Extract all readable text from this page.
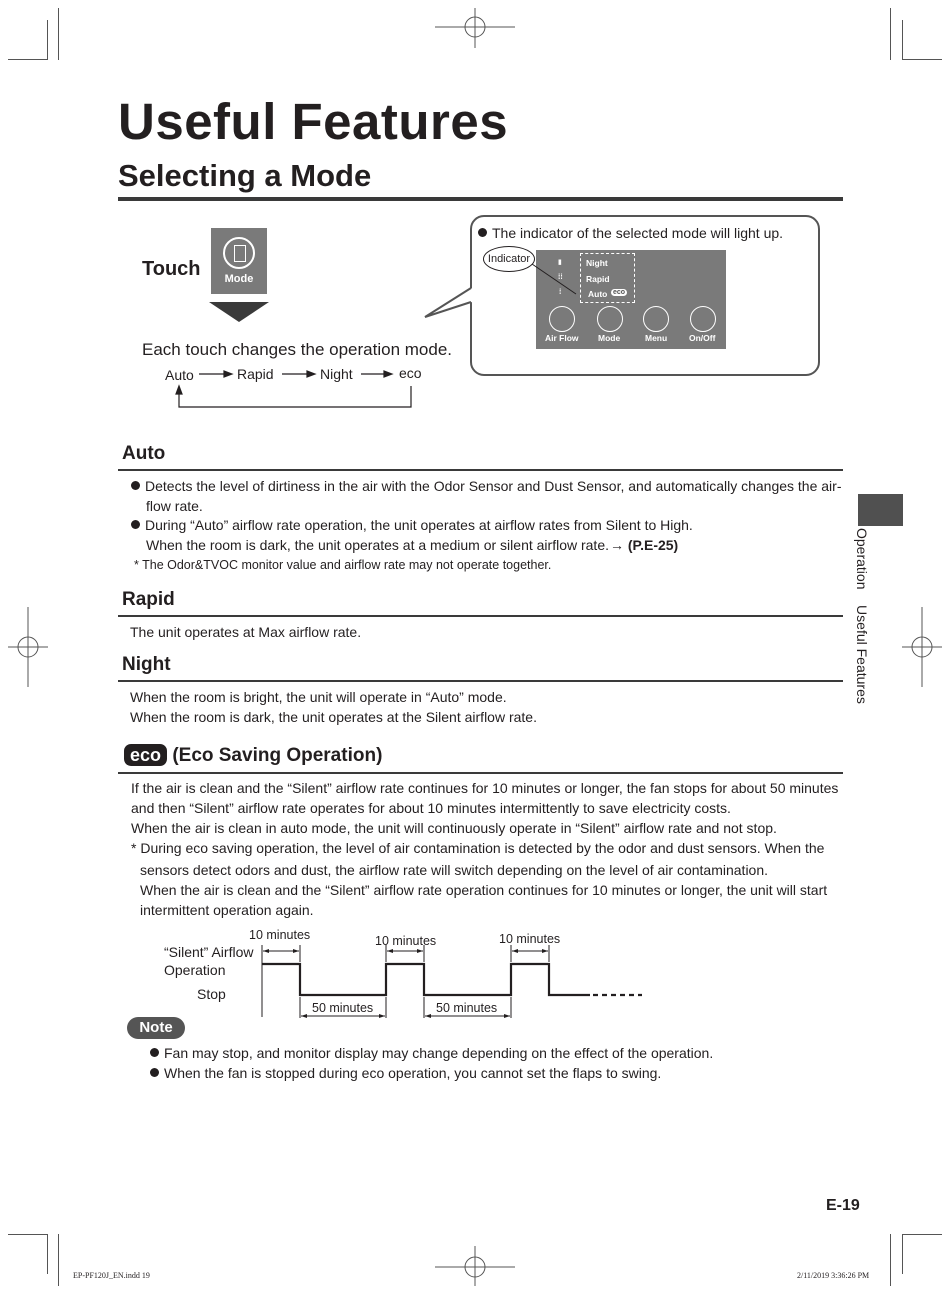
Useful Features
Selecting a Mode
Touch	Mode
Each touch changes the operation mode.
Auto	Rapid	Night	eco
The indicator of the selected mode will light up.
Night
Rapid
Auto eco
▮
⁞⁞
⁞
Air Flow Mode	Menu	On/Off
Indicator
Operation    Useful Features
Auto
Detects the level of dirtiness in the air with the Odor Sensor and Dust Sensor, and automatically changes the air-
flow rate.
During “Auto” airflow rate operation, the unit operates at airflow rates from Silent to High.
When the room is dark, the unit operates at a medium or silent airflow rate. → (P.E-25)
* The Odor&TVOC monitor value and airflow rate may not operate together.
Rapid
The unit operates at Max airflow rate.
Night
When the room is bright, the unit will operate in “Auto” mode.
When the room is dark, the unit operates at the Silent airflow rate.
eco (Eco Saving Operation)
If the air is clean and the “Silent” airflow rate continues for 10 minutes or longer, the fan stops for about 50 minutes
and then “Silent” airflow rate operates for about 10 minutes intermittently to save electricity costs.
When the air is clean in auto mode, the unit will continuously operate in “Silent” airflow rate and not stop.
* During eco saving operation, the level of air contamination is detected by the odor and dust sensors. When the
sensors detect odors and dust, the airflow rate will switch depending on the level of air contamination.
When the air is clean and the “Silent” airflow rate operation continues for 10 minutes or longer, the unit will start
intermittent operation again.
“Silent” Airflow
Operation
Stop
10 minutes	10 minutes	10 minutes
50 minutes	50 minutes
Note
Fan may stop, and monitor display may change depending on the effect of the operation.
When the fan is stopped during eco operation, you cannot set the flaps to swing.
E-19
EP-PF120J_EN.indd 19	2/11/2019 3:36:26 PM
